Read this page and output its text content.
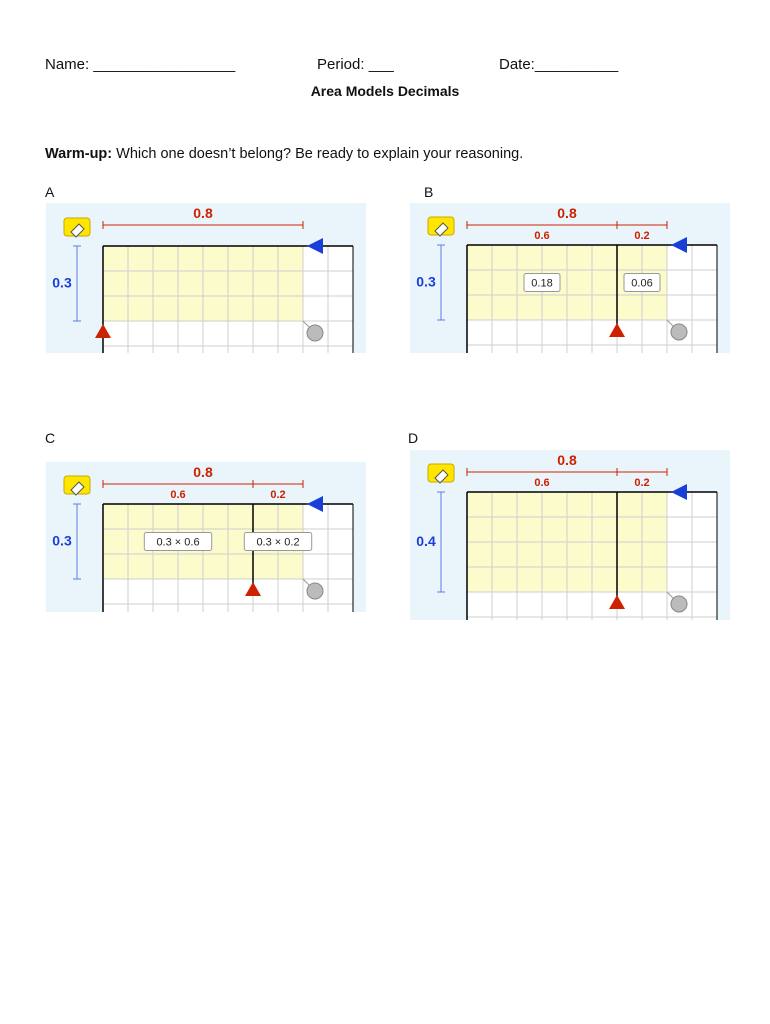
Name: _________________	Period: ___	Date:__________
Area Models Decimals
Warm-up: Which one doesn’t belong? Be ready to explain your reasoning.
A
0.8
0.3
B
0.8
0.6	0.2
0.3	0.18	0.06
C
0.8
0.6	0.2
0.3	0.3 × 0.6	0.3 × 0.2
D
0.8
0.6	0.2
0.4
